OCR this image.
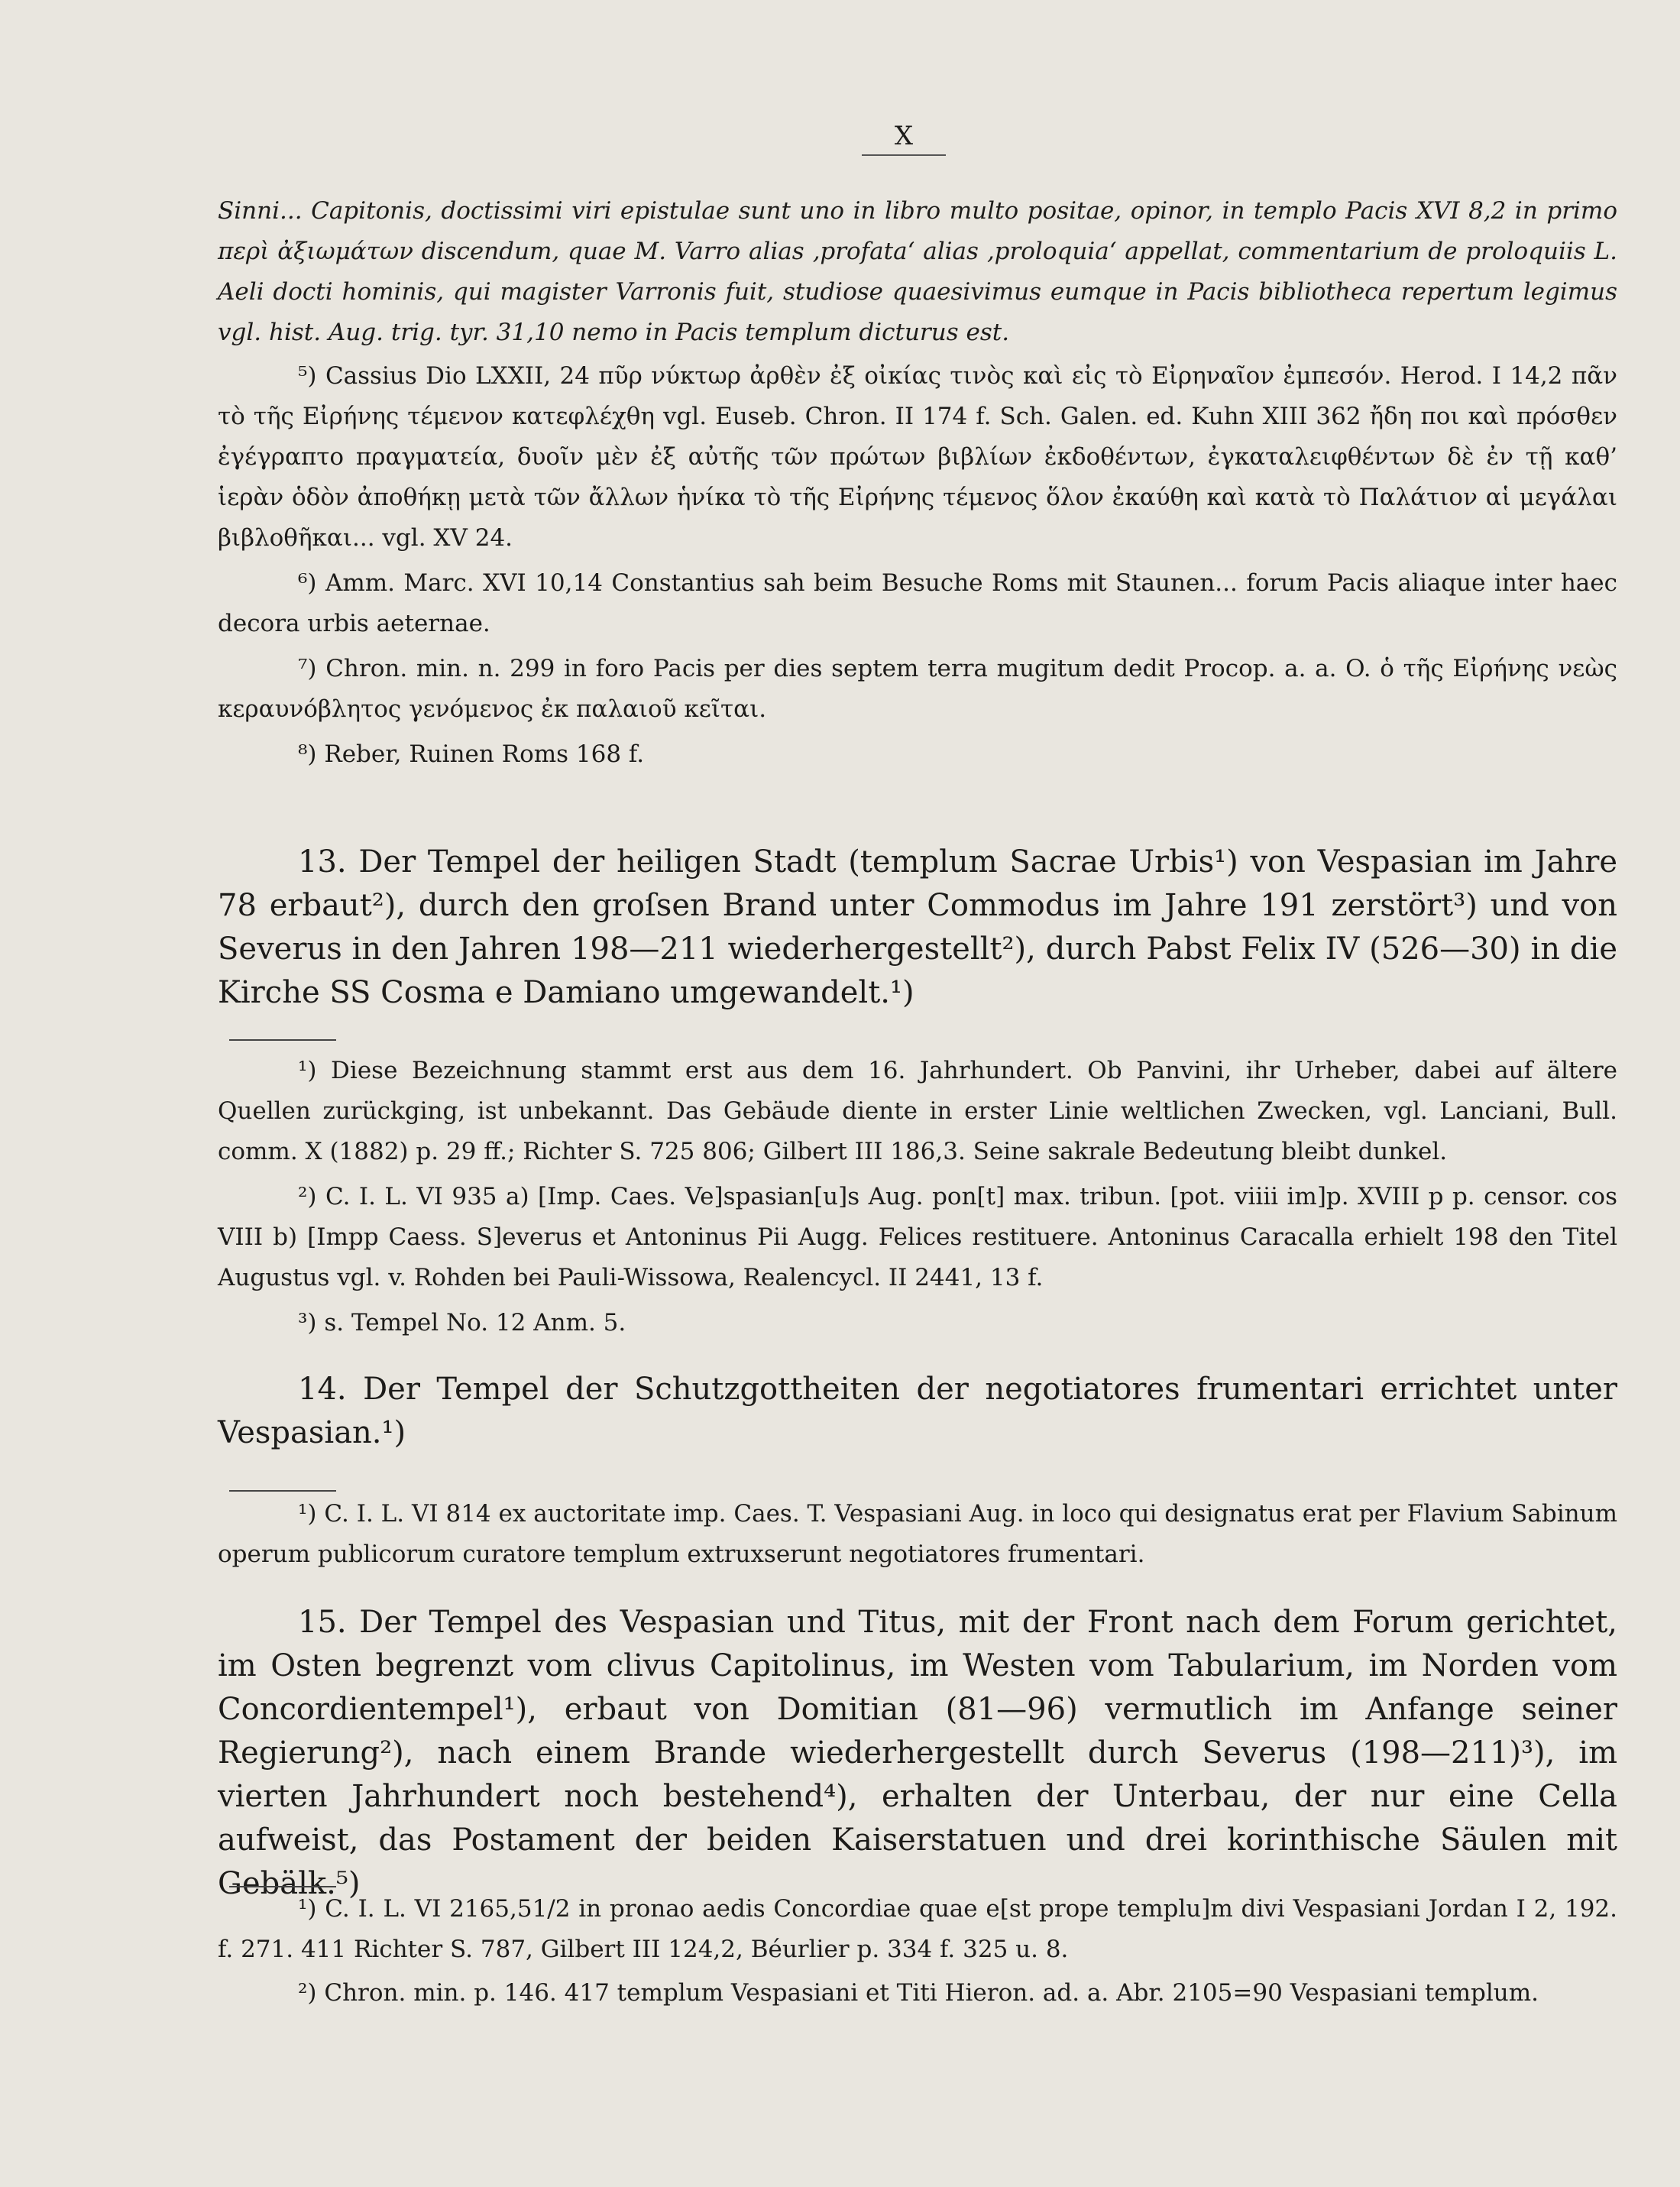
X

Sinni... Capitonis, doctissimi viri epistulae sunt uno in libro multo positae, opinor, in templo Pacis XVI 8,2 in primo περὶ ἀξιωμάτων discendum, quae M. Varro alias ‚profata‘ alias ‚proloquia‘ appellat, commentarium de proloquiis L. Aeli docti hominis, qui magister Varronis fuit, studiose quaesivimus eumque in Pacis bibliotheca repertum legimus vgl. hist. Aug. trig. tyr. 31,10 nemo in Pacis templum dicturus est.

⁵) Cassius Dio LXXII, 24 πῦρ νύκτωρ ἀρθὲν ἐξ οἰκίας τινὸς καὶ εἰς τὸ Εἰρηναῖον ἐμπεσόν. Herod. I 14,2 πᾶν τὸ τῆς Εἰρήνης τέμενον κατεφλέχθη vgl. Euseb. Chron. II 174 f. Sch. Galen. ed. Kuhn XIII 362 ἤδη ποι καὶ πρόσθεν ἐγέγραπτο πραγματεία, δυοῖν μὲν ἐξ αὐτῆς τῶν πρώτων βιβλίων ἐκδοθέντων, ἐγκαταλειφθέντων δὲ ἐν τῇ καθ’ ἱερὰν ὁδὸν ἀποθήκῃ μετὰ τῶν ἄλλων ἡνίκα τὸ τῆς Εἰρήνης τέμενος ὅλον ἐκαύθη καὶ κατὰ τὸ Παλάτιον αἱ μεγάλαι βιβλοθῆκαι... vgl. XV 24.

⁶) Amm. Marc. XVI 10,14 Constantius sah beim Besuche Roms mit Staunen... forum Pacis aliaque inter haec decora urbis aeternae.

⁷) Chron. min. n. 299 in foro Pacis per dies septem terra mugitum dedit Procop. a. a. O. ὁ τῆς Εἰρήνης νεὼς κεραυνόβλητος γενόμενος ἐκ παλαιοῦ κεῖται.

⁸) Reber, Ruinen Roms 168 f.

13. Der Tempel der heiligen Stadt (templum Sacrae Urbis¹) von Vespasian im Jahre 78 erbaut²), durch den groſsen Brand unter Commodus im Jahre 191 zerstört³) und von Severus in den Jahren 198—211 wiederhergestellt²), durch Pabst Felix IV (526—30) in die Kirche SS Cosma e Damiano umgewandelt.¹)

¹) Diese Bezeichnung stammt erst aus dem 16. Jahrhundert. Ob Panvini, ihr Urheber, dabei auf ältere Quellen zurückging, ist unbekannt. Das Gebäude diente in erster Linie weltlichen Zwecken, vgl. Lanciani, Bull. comm. X (1882) p. 29 ff.; Richter S. 725 806; Gilbert III 186,3. Seine sakrale Bedeutung bleibt dunkel.

²) C. I. L. VI 935 a) [Imp. Caes. Ve]spasian[u]s Aug. pon[t] max. tribun. [pot. viiii im]p. XVIII p p. censor. cos VIII b) [Impp Caess. S]everus et Antoninus Pii Augg. Felices restituere. Antoninus Caracalla erhielt 198 den Titel Augustus vgl. v. Rohden bei Pauli-Wissowa, Realencycl. II 2441, 13 f.

³) s. Tempel No. 12 Anm. 5.

14. Der Tempel der Schutzgottheiten der negotiatores frumentari errichtet unter Vespasian.¹)

¹) C. I. L. VI 814 ex auctoritate imp. Caes. T. Vespasiani Aug. in loco qui designatus erat per Flavium Sabinum operum publicorum curatore templum extruxserunt negotiatores frumentari.

15. Der Tempel des Vespasian und Titus, mit der Front nach dem Forum gerichtet, im Osten begrenzt vom clivus Capitolinus, im Westen vom Tabularium, im Norden vom Concordientempel¹), erbaut von Domitian (81—96) vermutlich im Anfange seiner Regierung²), nach einem Brande wiederhergestellt durch Severus (198—211)³), im vierten Jahrhundert noch bestehend⁴), erhalten der Unterbau, der nur eine Cella aufweist, das Postament der beiden Kaiserstatuen und drei korinthische Säulen mit Gebälk.⁵)

¹) C. I. L. VI 2165,51/2 in pronao aedis Concordiae quae e[st prope templu]m divi Vespasiani Jordan I 2, 192. f. 271. 411 Richter S. 787, Gilbert III 124,2, Béurlier p. 334 f. 325 u. 8.

²) Chron. min. p. 146. 417 templum Vespasiani et Titi Hieron. ad. a. Abr. 2105=90 Vespasiani templum.
